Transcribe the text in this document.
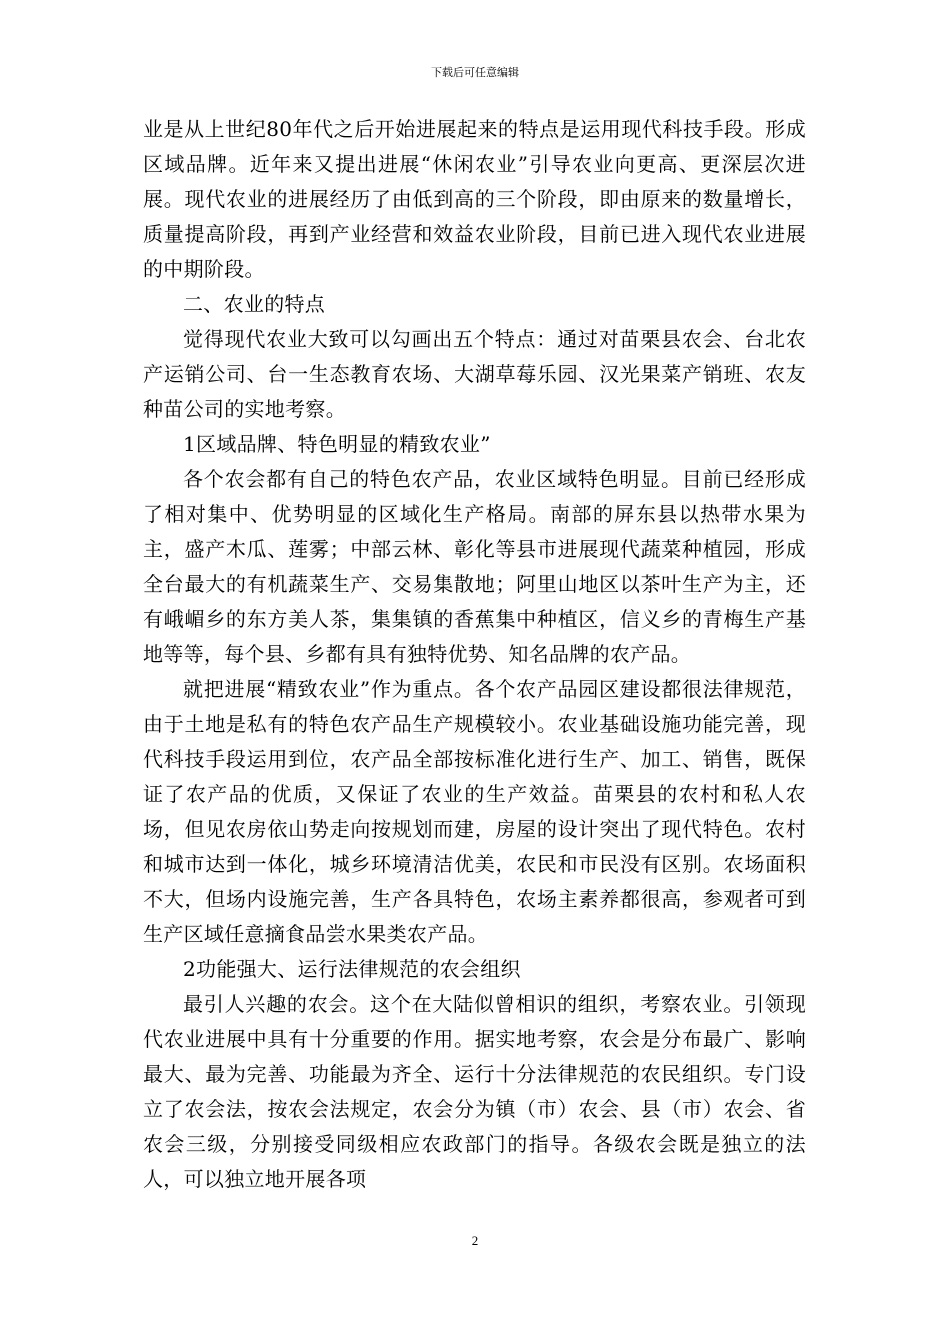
下载后可任意编辑

业是从上世纪80年代之后开始进展起来的特点是运用现代科技手段。形成区域品牌。近年来又提出进展“休闲农业”引导农业向更高、更深层次进展。现代农业的进展经历了由低到高的三个阶段，即由原来的数量增长，质量提高阶段，再到产业经营和效益农业阶段，目前已进入现代农业进展的中期阶段。

二、农业的特点

觉得现代农业大致可以勾画出五个特点：通过对苗栗县农会、台北农产运销公司、台一生态教育农场、大湖草莓乐园、汉光果菜产销班、农友种苗公司的实地考察。

1区域品牌、特色明显的精致农业”

各个农会都有自己的特色农产品，农业区域特色明显。目前已经形成了相对集中、优势明显的区域化生产格局。南部的屏东县以热带水果为主，盛产木瓜、莲雾；中部云林、彰化等县市进展现代蔬菜种植园，形成全台最大的有机蔬菜生产、交易集散地；阿里山地区以茶叶生产为主，还有峨嵋乡的东方美人茶，集集镇的香蕉集中种植区，信义乡的青梅生产基地等等，每个县、乡都有具有独特优势、知名品牌的农产品。

就把进展“精致农业”作为重点。各个农产品园区建设都很法律规范，由于土地是私有的特色农产品生产规模较小。农业基础设施功能完善，现代科技手段运用到位，农产品全部按标准化进行生产、加工、销售，既保证了农产品的优质，又保证了农业的生产效益。苗栗县的农村和私人农场，但见农房依山势走向按规划而建，房屋的设计突出了现代特色。农村和城市达到一体化，城乡环境清洁优美，农民和市民没有区别。农场面积不大，但场内设施完善，生产各具特色，农场主素养都很高，参观者可到生产区域任意摘食品尝水果类农产品。

2功能强大、运行法律规范的农会组织

最引人兴趣的农会。这个在大陆似曾相识的组织，考察农业。引领现代农业进展中具有十分重要的作用。据实地考察，农会是分布最广、影响最大、最为完善、功能最为齐全、运行十分法律规范的农民组织。专门设立了农会法，按农会法规定，农会分为镇（市）农会、县（市）农会、省农会三级，分别接受同级相应农政部门的指导。各级农会既是独立的法人，可以独立地开展各项

2
